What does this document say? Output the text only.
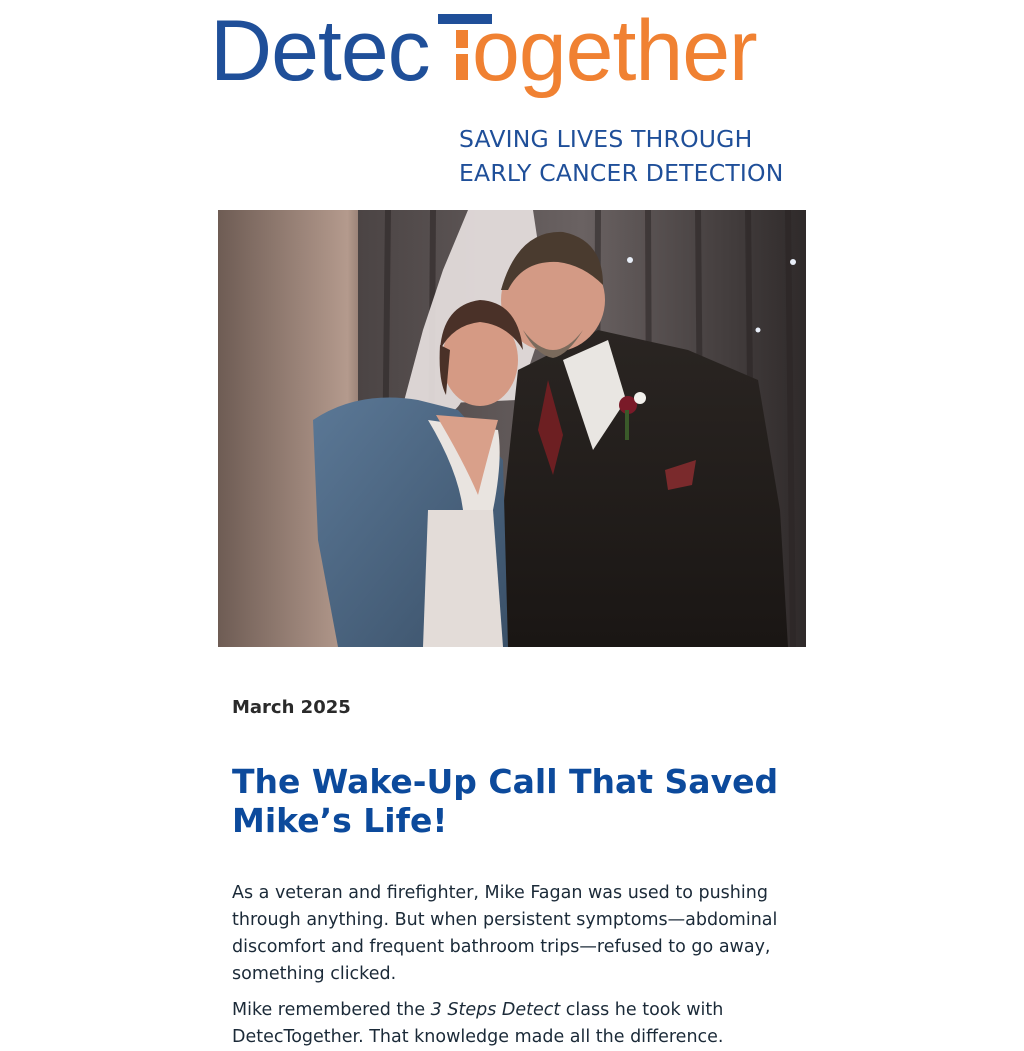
Detec ogether
SAVING LIVES THROUGH
EARLY CANCER DETECTION

March 2025

The Wake-Up Call That Saved Mike’s Life!

As a veteran and firefighter, Mike Fagan was used to pushing through anything. But when persistent symptoms—abdominal discomfort and frequent bathroom trips—refused to go away, something clicked.

Mike remembered the 3 Steps Detect class he took with DetecTogether. That knowledge made all the difference.
